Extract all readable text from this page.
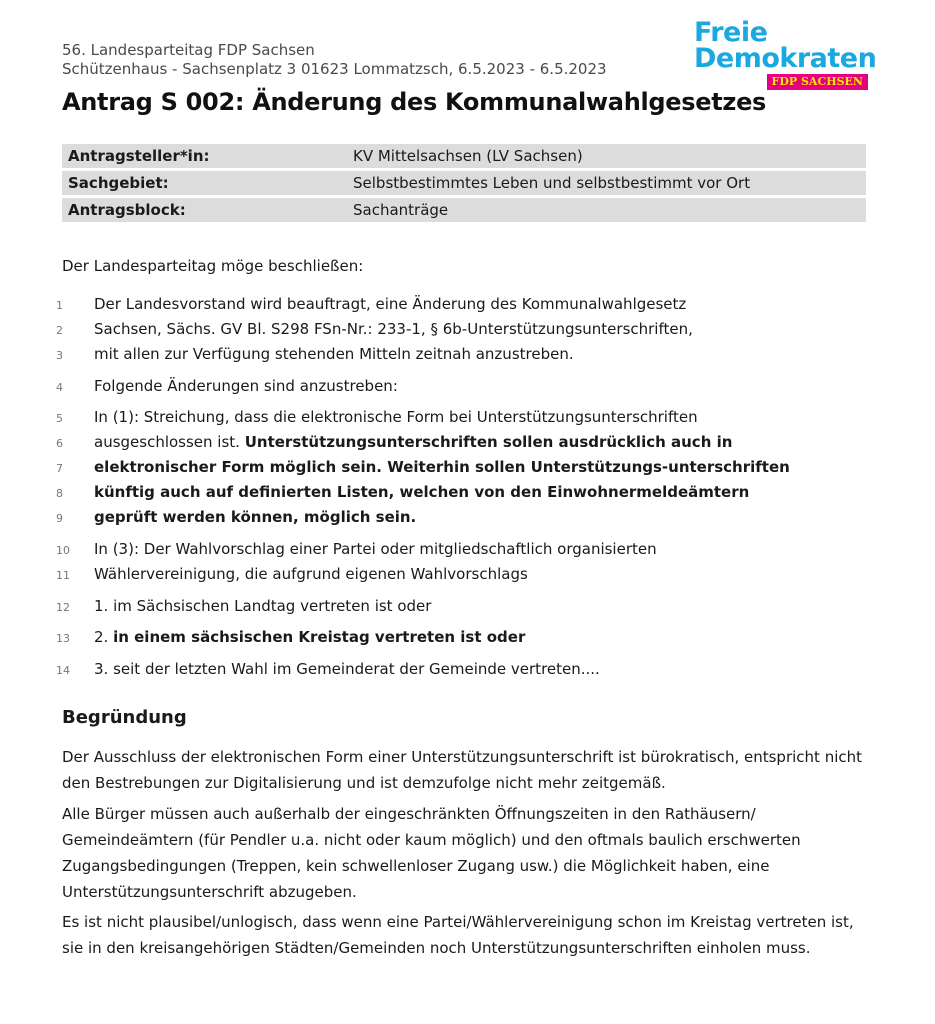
56. Landesparteitag FDP Sachsen
Schützenhaus - Sachsenplatz 3 01623 Lommatzsch, 6.5.2023 - 6.5.2023
Freie
Demokraten
FDP SACHSEN
Antrag S 002: Änderung des Kommunalwahlgesetzes
Antragsteller*in:	KV Mittelsachsen (LV Sachsen)
Sachgebiet:	Selbstbestimmtes Leben und selbstbestimmt vor Ort
Antragsblock:	Sachanträge
Der Landesparteitag möge beschließen:
1 Der Landesvorstand wird beauftragt, eine Änderung des Kommunalwahlgesetz
2 Sachsen, Sächs. GV Bl. S298 FSn-Nr.: 233-1, § 6b-Unterstützungsunterschriften,
3 mit allen zur Verfügung stehenden Mitteln zeitnah anzustreben.
4 Folgende Änderungen sind anzustreben:
5 In (1): Streichung, dass die elektronische Form bei Unterstützungsunterschriften
6 ausgeschlossen ist. Unterstützungsunterschriften sollen ausdrücklich auch in
7 elektronischer Form möglich sein. Weiterhin sollen Unterstützungs-unterschriften
8 künftig auch auf definierten Listen, welchen von den Einwohnermeldeämtern
9 geprüft werden können, möglich sein.
10 In (3): Der Wahlvorschlag einer Partei oder mitgliedschaftlich organisierten
11 Wählervereinigung, die aufgrund eigenen Wahlvorschlags
12 1. im Sächsischen Landtag vertreten ist oder
13 2. in einem sächsischen Kreistag vertreten ist oder
14 3. seit der letzten Wahl im Gemeinderat der Gemeinde vertreten....
Begründung
Der Ausschluss der elektronischen Form einer Unterstützungsunterschrift ist bürokratisch, entspricht nicht den Bestrebungen zur Digitalisierung und ist demzufolge nicht mehr zeitgemäß.
Alle Bürger müssen auch außerhalb der eingeschränkten Öffnungszeiten in den Rathäusern/ Gemeindeämtern (für Pendler u.a. nicht oder kaum möglich) und den oftmals baulich erschwerten Zugangsbedingungen (Treppen, kein schwellenloser Zugang usw.) die Möglichkeit haben, eine Unterstützungsunterschrift abzugeben.
Es ist nicht plausibel/unlogisch, dass wenn eine Partei/Wählervereinigung schon im Kreistag vertreten ist, sie in den kreisangehörigen Städten/Gemeinden noch Unterstützungsunterschriften einholen muss.
